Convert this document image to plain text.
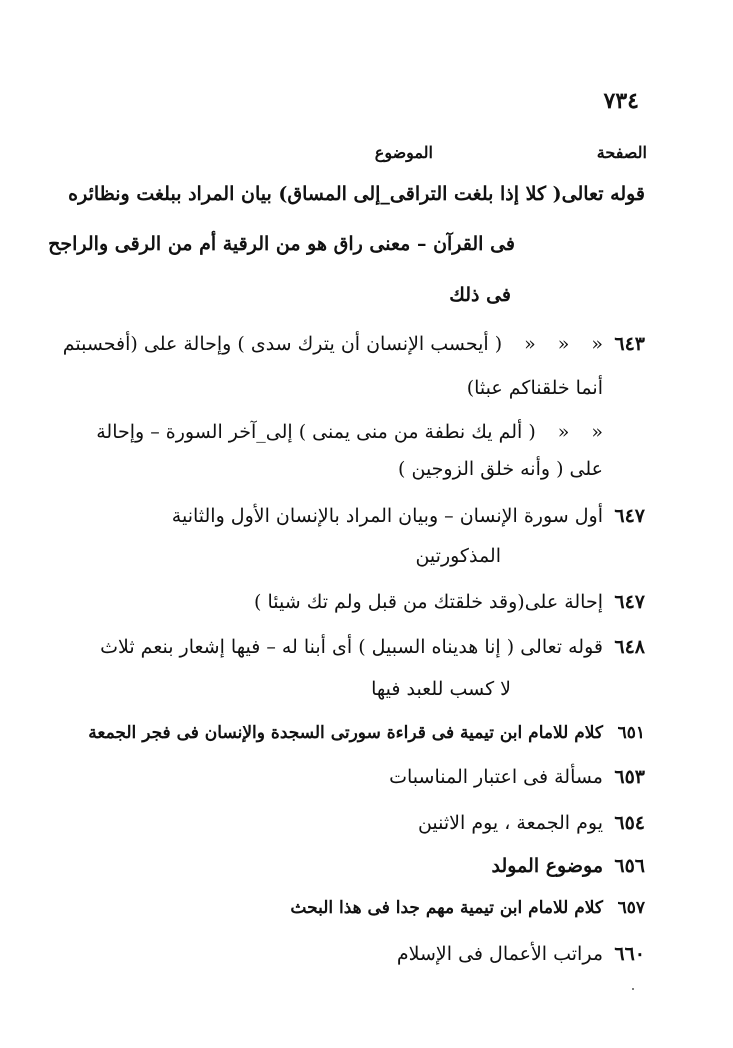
٧٣٤
الصفحة
الموضوع
قوله تعالى( كلا إذا بلغت التراقى_إلى المساق) بيان المراد ببلغت ونظائره
فى القرآن – معنى راق هو من الرقية أم من الرقى والراجح
فى ذلك
٦٤٣
«
«
«
( أيحسب الإنسان أن يترك سدى ) وإحالة على (أفحسبتم
أنما خلقناكم عبثا)
«
«
( ألم يك نطفة من منى يمنى ) إلى_آخر السورة – وإحالة
على ( وأنه خلق الزوجين )
٦٤٧
أول سورة الإنسان – وبيان المراد بالإنسان الأول والثانية
المذكورتين
٦٤٧
إحالة على(وقد خلقتك من قبل ولم تك شيئا )
٦٤٨
قوله تعالى ( إنا هديناه السبيل ) أى أبنا له – فيها إشعار بنعم ثلاث
لا كسب للعبد فيها
٦٥١
كلام للامام ابن تيمية فى قراءة سورتى السجدة والإنسان فى فجر الجمعة
٦٥٣
مسألة فى اعتبار المناسبات
٦٥٤
يوم الجمعة ، يوم الاثنين
٦٥٦
موضوع المولد
٦٥٧
كلام للامام ابن تيمية مهم جدا فى هذا البحث
٦٦٠
مراتب الأعمال فى الإسلام
